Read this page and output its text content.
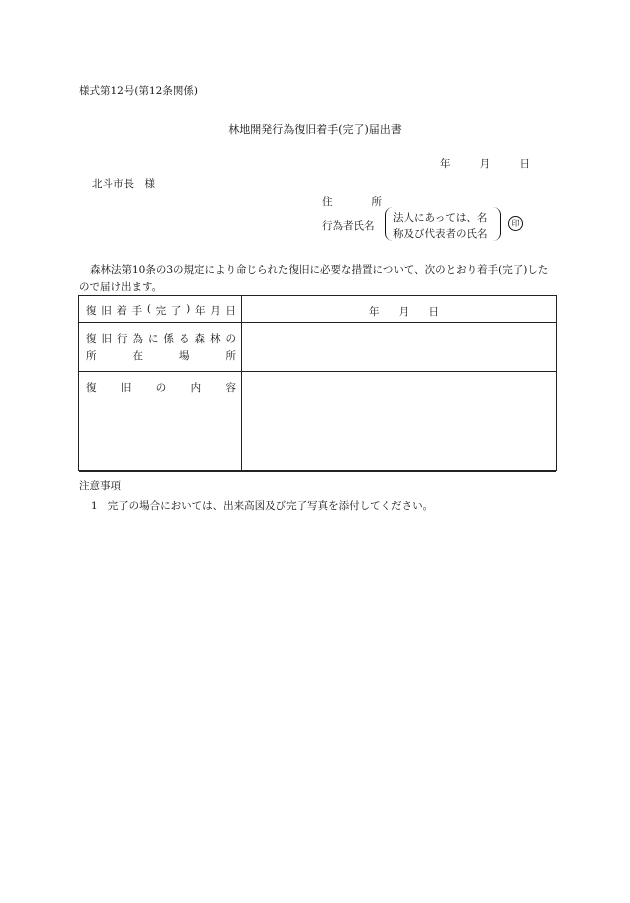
様式第12号(第12条関係)
林地開発行為復旧着手(完了)届出書
年	月	日
北斗市長　様
住	所
行為者氏名
法人にあっては、名
称及び代表者の氏名
印
森林法第10条の3の規定により命じられた復旧に必要な措置について、次のとおり着手(完了)したので届け出ます。
復 旧 着 手 ( 完 了 ) 年 月 日	年 月 日
復 旧 行 為 に 係 る 森 林 の
所	在	場	所
復 旧 の 内 容
注意事項
1 完了の場合においては、出来高図及び完了写真を添付してください。
